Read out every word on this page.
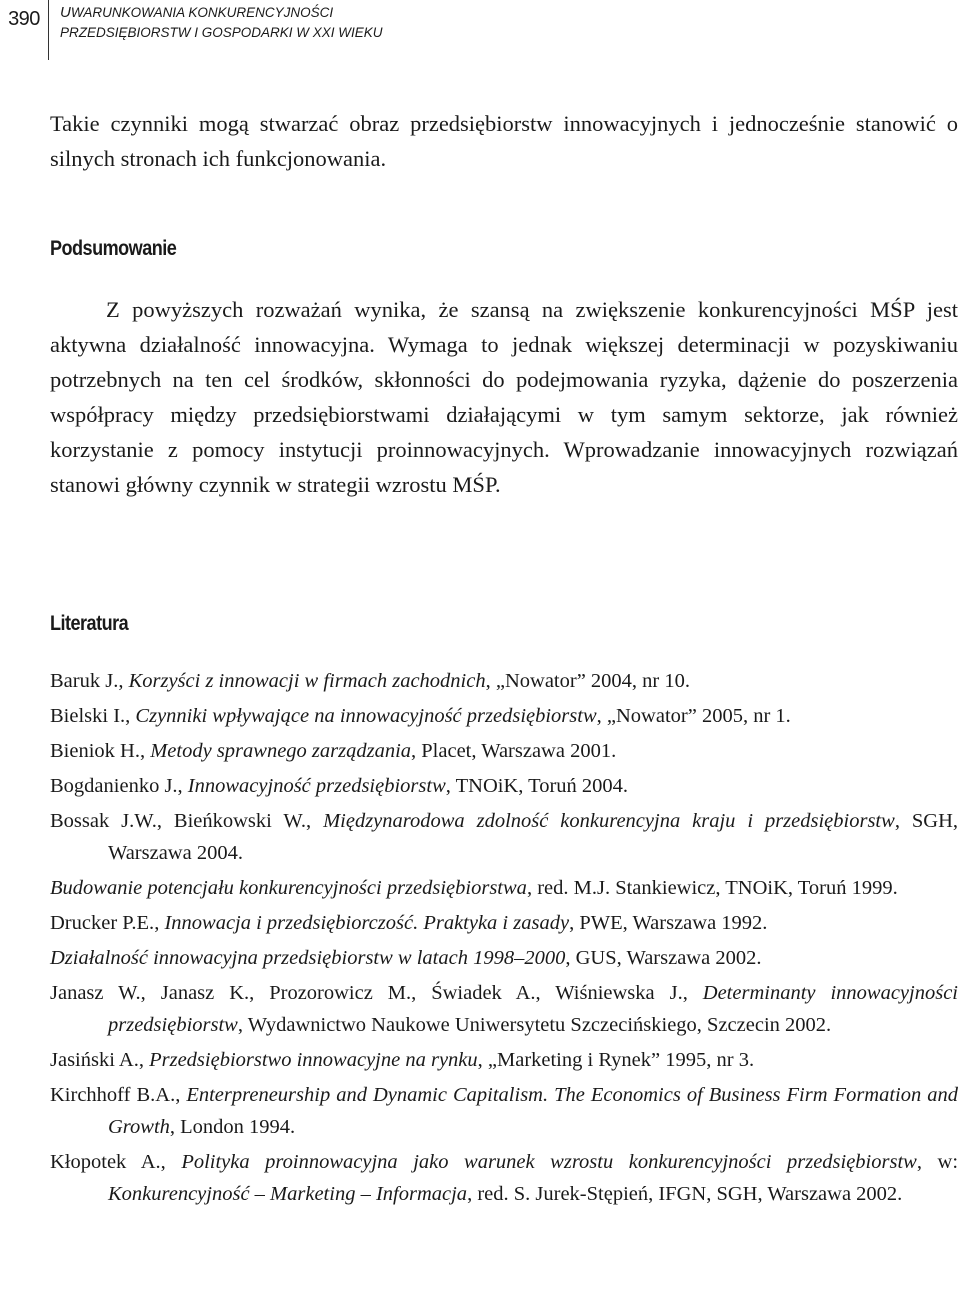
390	UWARUNKOWANIA KONKURENCYJNOŚCI
PRZEDSIĘBIORSTW I GOSPODARKI W XXI WIEKU

Takie czynniki mogą stwarzać obraz przedsiębiorstw innowacyjnych i jednocześnie stanowić o silnych stronach ich funkcjonowania.

Podsumowanie

Z powyższych rozważań wynika, że szansą na zwiększenie konkurencyjności MŚP jest aktywna działalność innowacyjna. Wymaga to jednak większej determinacji w pozyskiwaniu potrzebnych na ten cel środków, skłonności do podejmowania ryzyka, dążenie do poszerzenia współpracy między przedsiębiorstwami działającymi w tym samym sektorze, jak również korzystanie z pomocy instytucji proinnowacyjnych. Wprowadzanie innowacyjnych rozwiązań stanowi główny czynnik w strategii wzrostu MŚP.

Literatura
Baruk J., Korzyści z innowacji w firmach zachodnich, „Nowator” 2004, nr 10.
Bielski I., Czynniki wpływające na innowacyjność przedsiębiorstw, „Nowator” 2005, nr 1.
Bieniok H., Metody sprawnego zarządzania, Placet, Warszawa 2001.
Bogdanienko J., Innowacyjność przedsiębiorstw, TNOiK, Toruń 2004.
Bossak J.W., Bieńkowski W., Międzynarodowa zdolność konkurencyjna kraju i przedsiębiorstw, SGH, Warszawa 2004.
Budowanie potencjału konkurencyjności przedsiębiorstwa, red. M.J. Stankiewicz, TNOiK, Toruń 1999.
Drucker P.E., Innowacja i przedsiębiorczość. Praktyka i zasady, PWE, Warszawa 1992.
Działalność innowacyjna przedsiębiorstw w latach 1998–2000, GUS, Warszawa 2002.
Janasz W., Janasz K., Prozorowicz M., Świadek A., Wiśniewska J., Determinanty innowacyjności przedsiębiorstw, Wydawnictwo Naukowe Uniwersytetu Szczecińskiego, Szczecin 2002.
Jasiński A., Przedsiębiorstwo innowacyjne na rynku, „Marketing i Rynek” 1995, nr 3.
Kirchhoff B.A., Enterpreneurship and Dynamic Capitalism. The Economics of Business Firm Formation and Growth, London 1994.
Kłopotek A., Polityka proinnowacyjna jako warunek wzrostu konkurencyjności przedsiębiorstw, w: Konkurencyjność – Marketing – Informacja, red. S. Jurek-Stępień, IFGN, SGH, Warszawa 2002.
